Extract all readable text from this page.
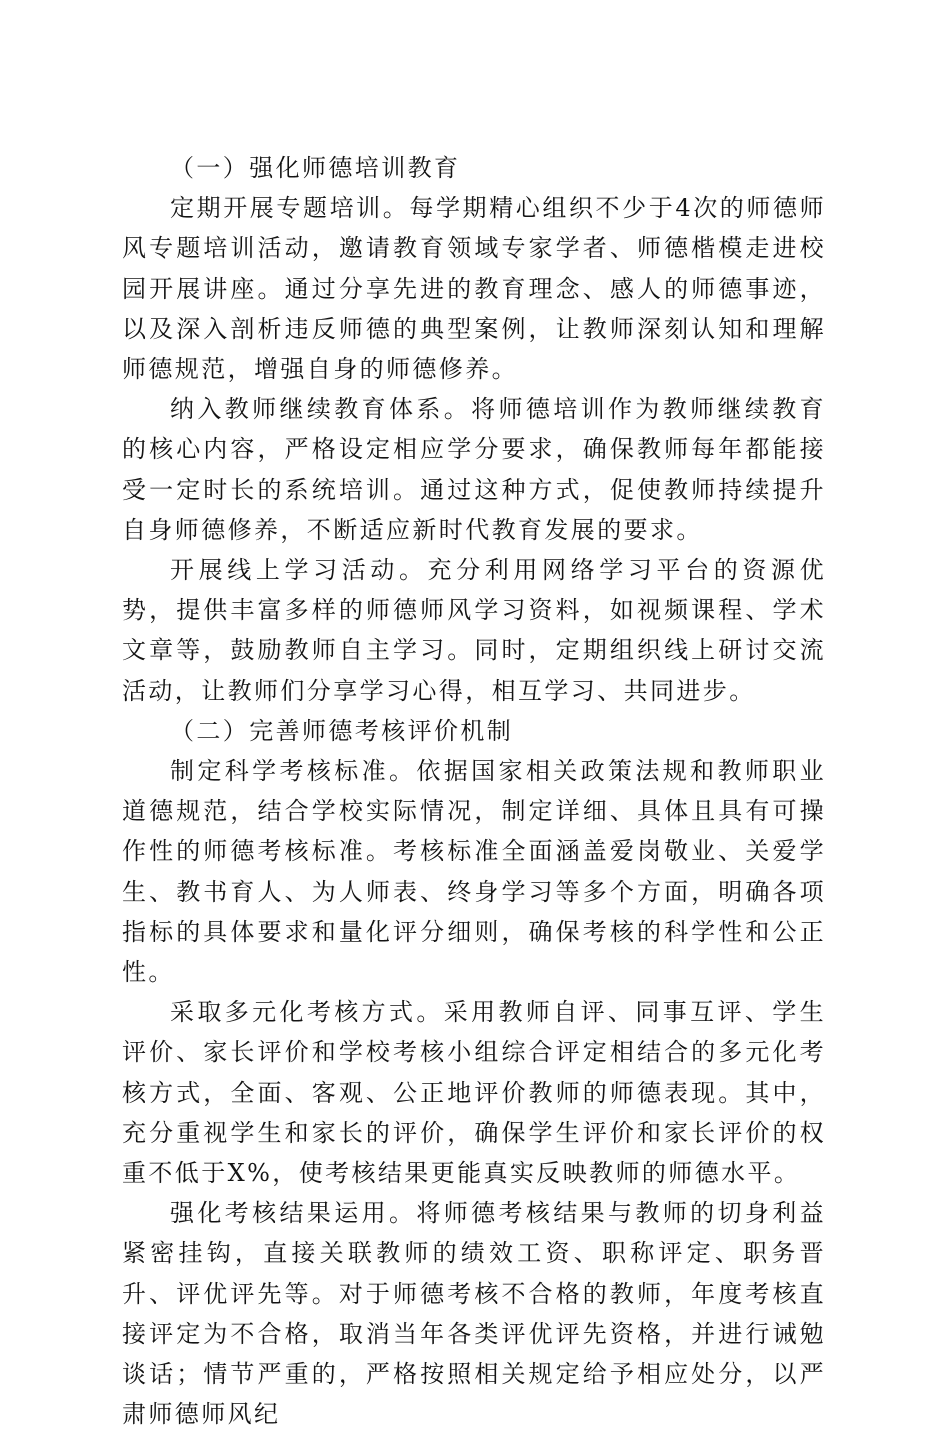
（一）强化师德培训教育

定期开展专题培训。每学期精心组织不少于4次的师德师风专题培训活动，邀请教育领域专家学者、师德楷模走进校园开展讲座。通过分享先进的教育理念、感人的师德事迹，以及深入剖析违反师德的典型案例，让教师深刻认知和理解师德规范，增强自身的师德修养。

纳入教师继续教育体系。将师德培训作为教师继续教育的核心内容，严格设定相应学分要求，确保教师每年都能接受一定时长的系统培训。通过这种方式，促使教师持续提升自身师德修养，不断适应新时代教育发展的要求。

开展线上学习活动。充分利用网络学习平台的资源优势，提供丰富多样的师德师风学习资料，如视频课程、学术文章等，鼓励教师自主学习。同时，定期组织线上研讨交流活动，让教师们分享学习心得，相互学习、共同进步。

（二）完善师德考核评价机制

制定科学考核标准。依据国家相关政策法规和教师职业道德规范，结合学校实际情况，制定详细、具体且具有可操作性的师德考核标准。考核标准全面涵盖爱岗敬业、关爱学生、教书育人、为人师表、终身学习等多个方面，明确各项指标的具体要求和量化评分细则，确保考核的科学性和公正性。

采取多元化考核方式。采用教师自评、同事互评、学生评价、家长评价和学校考核小组综合评定相结合的多元化考核方式，全面、客观、公正地评价教师的师德表现。其中，充分重视学生和家长的评价，确保学生评价和家长评价的权重不低于X%，使考核结果更能真实反映教师的师德水平。

强化考核结果运用。将师德考核结果与教师的切身利益紧密挂钩，直接关联教师的绩效工资、职称评定、职务晋升、评优评先等。对于师德考核不合格的教师，年度考核直接评定为不合格，取消当年各类评优评先资格，并进行诫勉谈话；情节严重的，严格按照相关规定给予相应处分，以严肃师德师风纪
